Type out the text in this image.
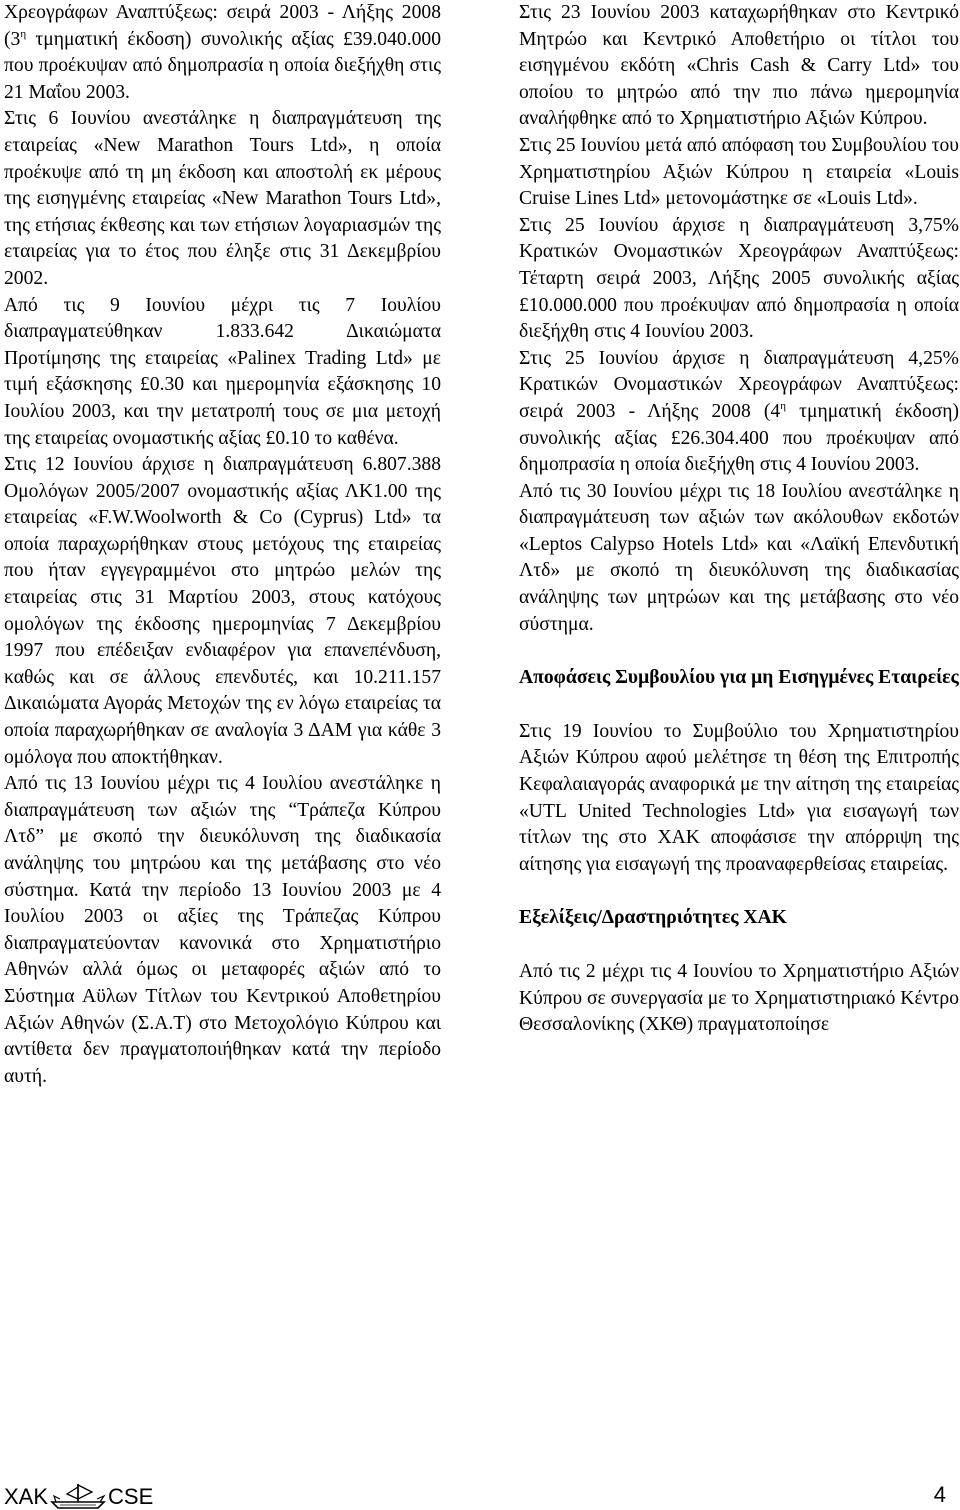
Χρεογράφων Αναπτύξεως: σειρά 2003 - Λήξης 2008 ($3^\eta$ τμηματική έκδοση) συνολικής αξίας £39.040.000 που προέκυψαν από δημοπρασία η οποία διεξήχθη στις 21 Μαΐου 2003.

Στις 6 Ιουνίου ανεστάληκε η διαπραγμάτευση της εταιρείας «New Marathon Tours Ltd», η οποία προέκυψε από τη μη έκδοση και αποστολή εκ μέρους της εισηγμένης εταιρείας «New Marathon Tours Ltd», της ετήσιας έκθεσης και των ετήσιων λογαριασμών της εταιρείας για το έτος που έληξε στις 31 Δεκεμβρίου 2002.

Από τις 9 Ιουνίου μέχρι τις 7 Ιουλίου διαπραγματεύθηκαν 1.833.642 Δικαιώματα Προτίμησης της εταιρείας «Palinex Trading Ltd» με τιμή εξάσκησης £0.30 και ημερομηνία εξάσκησης 10 Ιουλίου 2003, και την μετατροπή τους σε μια μετοχή της εταιρείας ονομαστικής αξίας £0.10 το καθένα.

Στις 12 Ιουνίου άρχισε η διαπραγμάτευση 6.807.388 Ομολόγων 2005/2007 ονομαστικής αξίας ΛΚ1.00 της εταιρείας «F.W.Woolworth & Co (Cyprus) Ltd» τα οποία παραχωρήθηκαν στους μετόχους της εταιρείας που ήταν εγγεγραμμένοι στο μητρώο μελών της εταιρείας στις 31 Μαρτίου 2003, στους κατόχους ομολόγων της έκδοσης ημερομηνίας 7 Δεκεμβρίου 1997 που επέδειξαν ενδιαφέρον για επανεπένδυση, καθώς και σε άλλους επενδυτές, και 10.211.157 Δικαιώματα Αγοράς Μετοχών της εν λόγω εταιρείας τα οποία παραχωρήθηκαν σε αναλογία 3 ΔΑΜ για κάθε 3 ομόλογα που αποκτήθηκαν.

Από τις 13 Ιουνίου μέχρι τις 4 Ιουλίου ανεστάληκε η διαπραγμάτευση των αξιών της “Τράπεζα Κύπρου Λτδ” με σκοπό την διευκόλυνση της διαδικασία ανάληψης του μητρώου και της μετάβασης στο νέο σύστημα. Κατά την περίοδο 13 Ιουνίου 2003 με 4 Ιουλίου 2003 οι αξίες της Τράπεζας Κύπρου διαπραγματεύονταν κανονικά στο Χρηματιστήριο Αθηνών αλλά όμως οι μεταφορές αξιών από το Σύστημα Αϋλων Τίτλων του Κεντρικού Αποθετηρίου Αξιών Αθηνών (Σ.Α.Τ) στο Μετοχολόγιο Κύπρου και αντίθετα δεν πραγματοποιήθηκαν κατά την περίοδο αυτή.

Στις 23 Ιουνίου 2003 καταχωρήθηκαν στο Κεντρικό Μητρώο και Κεντρικό Αποθετήριο οι τίτλοι του εισηγμένου εκδότη «Chris Cash & Carry Ltd» του οποίου το μητρώο από την πιο πάνω ημερομηνία αναλήφθηκε από το Χρηματιστήριο Αξιών Κύπρου.

Στις 25 Ιουνίου μετά από απόφαση του Συμβουλίου του Χρηματιστηρίου Αξιών Κύπρου η εταιρεία «Louis Cruise Lines Ltd» μετονομάστηκε σε «Louis Ltd».

Στις 25 Ιουνίου άρχισε η διαπραγμάτευση 3,75% Κρατικών Ονομαστικών Χρεογράφων Αναπτύξεως: Τέταρτη σειρά 2003, Λήξης 2005 συνολικής αξίας £10.000.000 που προέκυψαν από δημοπρασία η οποία διεξήχθη στις 4 Ιουνίου 2003.

Στις 25 Ιουνίου άρχισε η διαπραγμάτευση 4,25% Κρατικών Ονομαστικών Χρεογράφων Αναπτύξεως: σειρά 2003 - Λήξης 2008 ($4^\eta$ τμηματική έκδοση) συνολικής αξίας £26.304.400 που προέκυψαν από δημοπρασία η οποία διεξήχθη στις 4 Ιουνίου 2003.

Από τις 30 Ιουνίου μέχρι τις 18 Ιουλίου ανεστάληκε η διαπραγμάτευση των αξιών των ακόλουθων εκδοτών «Leptos Calypso Hotels Ltd» και «Λαϊκή Επενδυτική Λτδ» με σκοπό τη διευκόλυνση της διαδικασίας ανάληψης των μητρώων και της μετάβασης στο νέο σύστημα.

Αποφάσεις Συμβουλίου για μη Εισηγμένες Εταιρείες

Στις 19 Ιουνίου το Συμβούλιο του Χρηματιστηρίου Αξιών Κύπρου αφού μελέτησε τη θέση της Επιτροπής Κεφαλαιαγοράς αναφορικά με την αίτηση της εταιρείας «UTL United Technologies Ltd» για εισαγωγή των τίτλων της στο ΧΑΚ αποφάσισε την απόρριψη της αίτησης για εισαγωγή της προαναφερθείσας εταιρείας.

Εξελίξεις/Δραστηριότητες ΧΑΚ

Από τις 2 μέχρι τις 4 Ιουνίου το Χρηματιστήριο Αξιών Κύπρου σε συνεργασία με το Χρηματιστηριακό Κέντρο Θεσσαλονίκης (ΧΚΘ) πραγματοποίησε

ΧΑΚ	CSE	4
